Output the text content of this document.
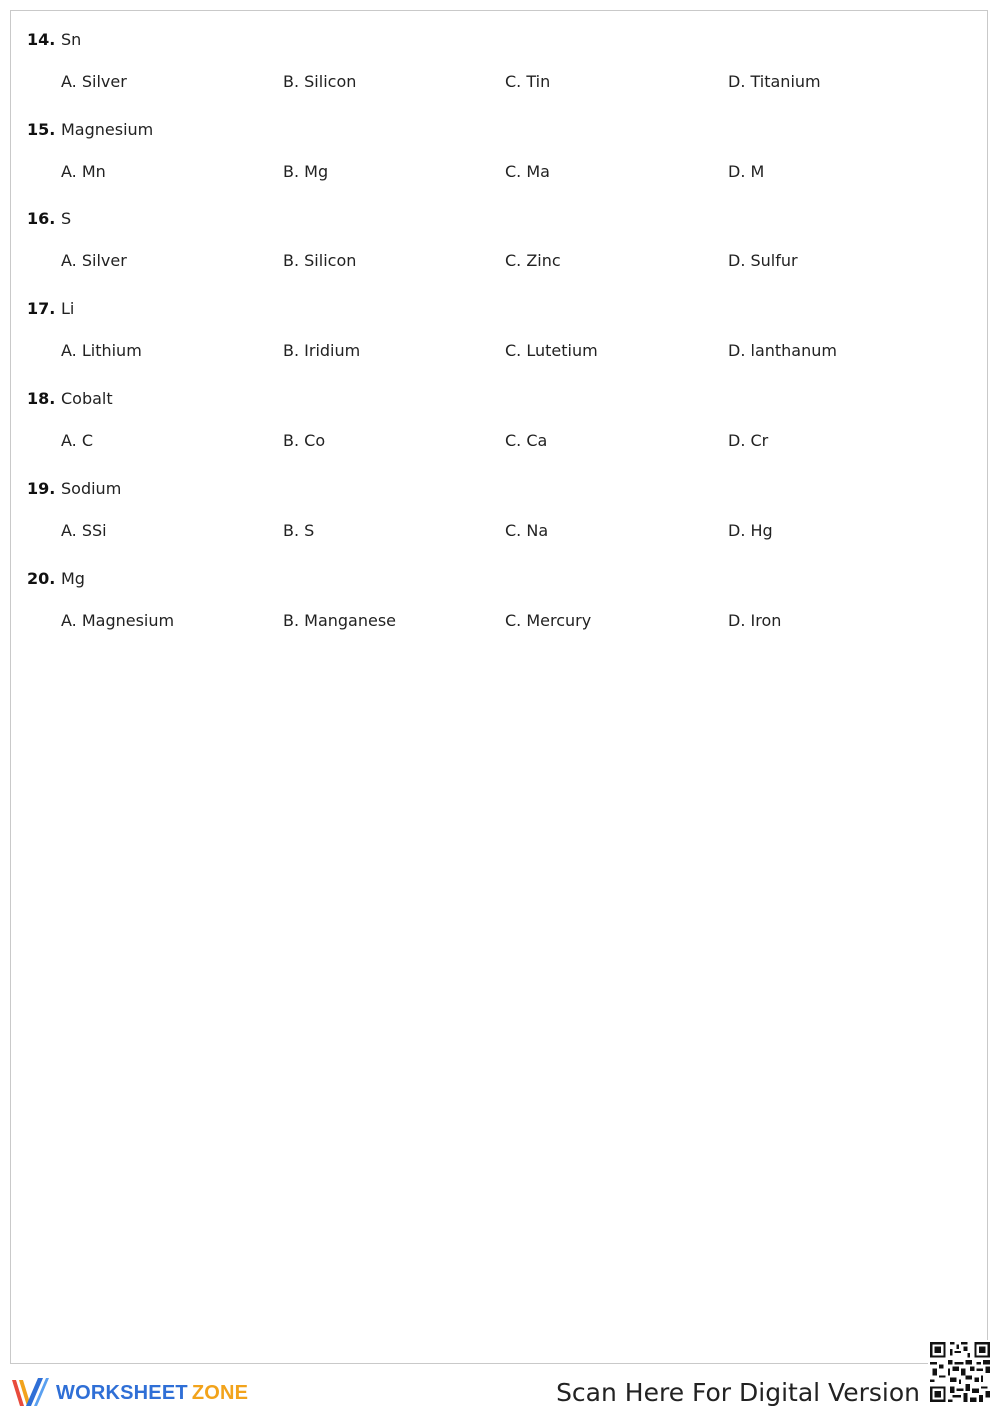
14. Sn
A. Silver	B. Silicon	C. Tin	D. Titanium
15. Magnesium
A. Mn	B. Mg	C. Ma	D. M
16. S
A. Silver	B. Silicon	C. Zinc	D. Sulfur
17. Li
A. Lithium	B. Iridium	C. Lutetium	D. lanthanum
18. Cobalt
A. C	B. Co	C. Ca	D. Cr
19. Sodium
A. SSi	B. S	C. Na	D. Hg
20. Mg
A. Magnesium	B. Manganese	C. Mercury	D. Iron
WORKSHEET ZONE	Scan Here For Digital Version
